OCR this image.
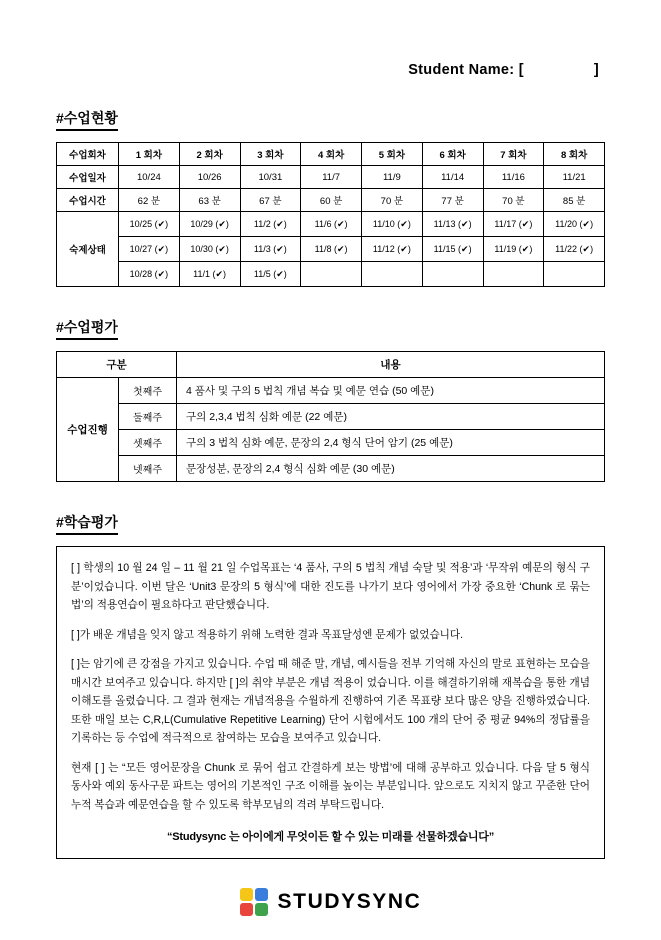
Student Name: [	]
#수업현황
수업회차	1 회차	2 회차	3 회차	4 회차	5 회차	6 회차	7 회차	8 회차
수업일자	10/24	10/26	10/31	11/7	11/9	11/14	11/16	11/21
수업시간	62 분	63 분	67 분	60 분	70 분	77 분	70 분	85 분
숙제상태	10/25 (✔)	10/29 (✔)	11/2 (✔)	11/6 (✔)	11/10 (✔)	11/13 (✔)	11/17 (✔)	11/20 (✔)
	10/27 (✔)	10/30 (✔)	11/3 (✔)	11/8 (✔)	11/12 (✔)	11/15 (✔)	11/19 (✔)	11/22 (✔)
	10/28 (✔)	11/1 (✔)	11/5 (✔)					
#수업평가
구분		내용
수업진행	첫째주	4 품사 및 구의 5 법칙 개념 복습 및 예문 연습 (50 예문)
	둘째주	구의 2,3,4 법칙 심화 예문 (22 예문)
	셋째주	구의 3 법칙 심화 예문, 문장의 2,4 형식 단어 암기 (25 예문)
	넷째주	문장성분, 문장의 2,4 형식 심화 예문 (30 예문)
#학습평가

[ ] 학생의 10 월 24 일 – 11 월 21 일 수업목표는 ‘4 품사, 구의 5 법칙 개념 숙달 및 적용’과 ‘무작위 예문의 형식 구분’이었습니다. 이번 달은 ‘Unit3 문장의 5 형식’에 대한 진도를 나가기 보다 영어에서 가장 중요한 ‘Chunk 로 묶는 법’의 적용연습이 필요하다고 판단했습니다.

[ ]가 배운 개념을 잊지 않고 적용하기 위해 노력한 결과 목표달성엔 문제가 없었습니다.

[ ]는 암기에 큰 강점을 가지고 있습니다. 수업 때 해준 말, 개념, 예시들을 전부 기억해 자신의 말로 표현하는 모습을 매시간 보여주고 있습니다. 하지만 [ ]의 취약 부분은 개념 적용이 었습니다. 이를 해결하기위해 재복습을 통한 개념 이해도를 올렸습니다. 그 결과 현재는 개념적용을 수월하게 진행하여 기존 목표량 보다 많은 양을 진행하였습니다. 또한 매일 보는 C,R,L(Cumulative Repetitive Learning) 단어 시험에서도 100 개의 단어 중 평균 94%의 정답률을 기록하는 등 수업에 적극적으로 참여하는 모습을 보여주고 있습니다.

현재 [ ] 는 “모든 영어문장을 Chunk 로 묶어 쉽고 간결하게 보는 방법’에 대해 공부하고 있습니다. 다음 달 5 형식 동사와 예외 동사구문 파트는 영어의 기본적인 구조 이해를 높이는 부분입니다. 앞으로도 지치지 않고 꾸준한 단어 누적 복습과 예문연습을 할 수 있도록 학부모님의 격려 부탁드립니다.

“Studysync 는 아이에게 무엇이든 할 수 있는 미래를 선물하겠습니다”
STUDYSYNC
